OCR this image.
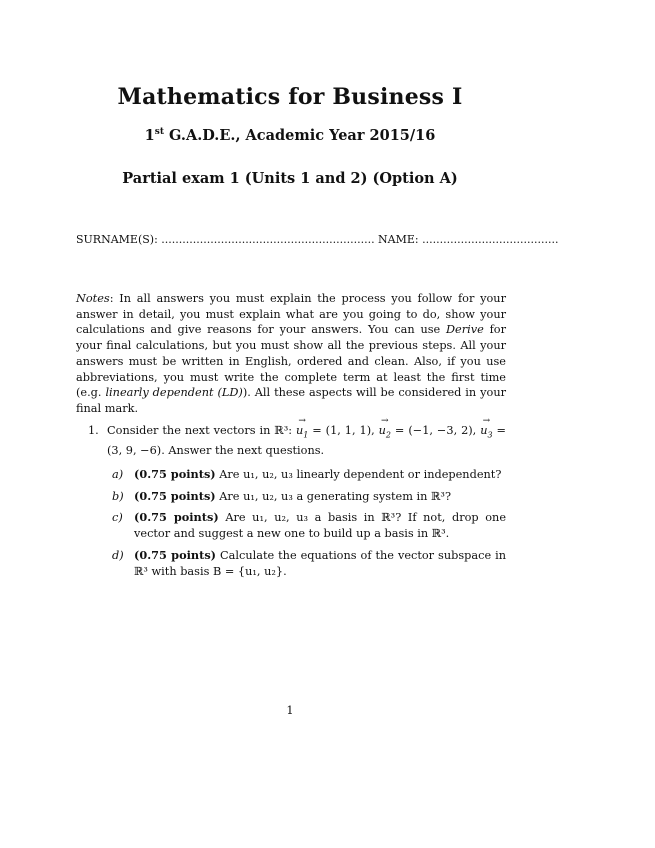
Mathematics for Business I
1st G.A.D.E., Academic Year 2015/16
Partial exam 1 (Units 1 and 2) (Option A)
SURNAME(S): ............................................................. NAME: .......................................
Notes: In all answers you must explain the process you follow for your answer in detail, you must explain what are you going to do, show your calculations and give reasons for your answers. You can use Derive for your final calculations, but you must show all the previous steps. All your answers must be written in English, ordered and clean. Also, if you use abbreviations, you must write the complete term at least the first time (e.g. linearly dependent (LD)). All these aspects will be considered in your final mark.
1. Consider the next vectors in ℝ³: → $u_1 = (1$, 1, 1), → $u_2 = (-1$, −3, 2), → $u_3 = (3$, 9, −6). Answer the next questions.
a) (0.75 points) Are u₁, u₂, u₃ linearly dependent or independent?
b) (0.75 points) Are u₁, u₂, u₃ a generating system in ℝ³?
c) (0.75 points) Are u₁, u₂, u₃ a basis in ℝ³? If not, drop one vector and suggest a new one to build up a basis in ℝ³.
d) (0.75 points) Calculate the equations of the vector subspace in ℝ³ with basis B = {u₁, u₂}.
1
